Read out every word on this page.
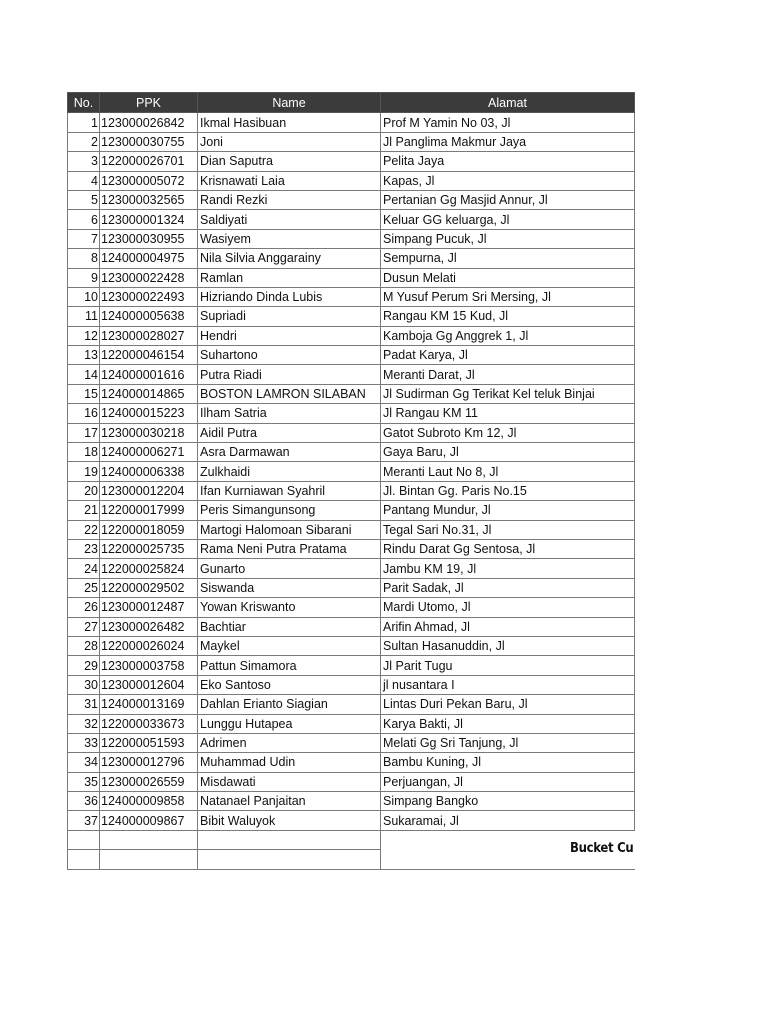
No.	PPK	Name	Alamat
1	123000026842	Ikmal Hasibuan	Prof M Yamin No 03, Jl
2	123000030755	Joni	Jl Panglima Makmur Jaya
3	122000026701	Dian Saputra	Pelita Jaya
4	123000005072	Krisnawati Laia	Kapas, Jl
5	123000032565	Randi Rezki	Pertanian Gg Masjid Annur, Jl
6	123000001324	Saldiyati	Keluar GG keluarga, Jl
7	123000030955	Wasiyem	Simpang Pucuk, Jl
8	124000004975	Nila Silvia Anggarainy	Sempurna, Jl
9	123000022428	Ramlan	Dusun Melati
10	123000022493	Hizriando Dinda Lubis	M Yusuf Perum Sri Mersing, Jl
11	124000005638	Supriadi	Rangau KM 15 Kud, Jl
12	123000028027	Hendri	Kamboja Gg Anggrek 1, Jl
13	122000046154	Suhartono	Padat Karya, Jl
14	124000001616	Putra Riadi	Meranti Darat, Jl
15	124000014865	BOSTON LAMRON SILABAN	Jl Sudirman Gg Terikat Kel teluk Binjai
16	124000015223	Ilham Satria	Jl Rangau KM 11
17	123000030218	Aidil Putra	Gatot Subroto Km 12, Jl
18	124000006271	Asra Darmawan	Gaya Baru, Jl
19	124000006338	Zulkhaidi	Meranti Laut No 8, Jl
20	123000012204	Ifan Kurniawan Syahril	Jl. Bintan Gg. Paris No.15
21	122000017999	Peris Simangunsong	Pantang Mundur, Jl
22	122000018059	Martogi Halomoan Sibarani	Tegal Sari No.31, Jl
23	122000025735	Rama Neni Putra Pratama	Rindu Darat Gg Sentosa, Jl
24	122000025824	Gunarto	Jambu KM 19, Jl
25	122000029502	Siswanda	Parit Sadak, Jl
26	123000012487	Yowan Kriswanto	Mardi Utomo, Jl
27	123000026482	Bachtiar	Arifin Ahmad, Jl
28	122000026024	Maykel	Sultan Hasanuddin, Jl
29	123000003758	Pattun Simamora	Jl Parit Tugu
30	123000012604	Eko Santoso	jl nusantara I
31	124000013169	Dahlan Erianto Siagian	Lintas Duri Pekan Baru, Jl
32	122000033673	Lunggu Hutapea	Karya Bakti, Jl
33	122000051593	Adrimen	Melati Gg Sri Tanjung, Jl
34	123000012796	Muhammad Udin	Bambu Kuning, Jl
35	123000026559	Misdawati	Perjuangan, Jl
36	124000009858	Natanael Panjaitan	Simpang Bangko
37	124000009867	Bibit Waluyok	Sukaramai, Jl

			Bucket Cu
